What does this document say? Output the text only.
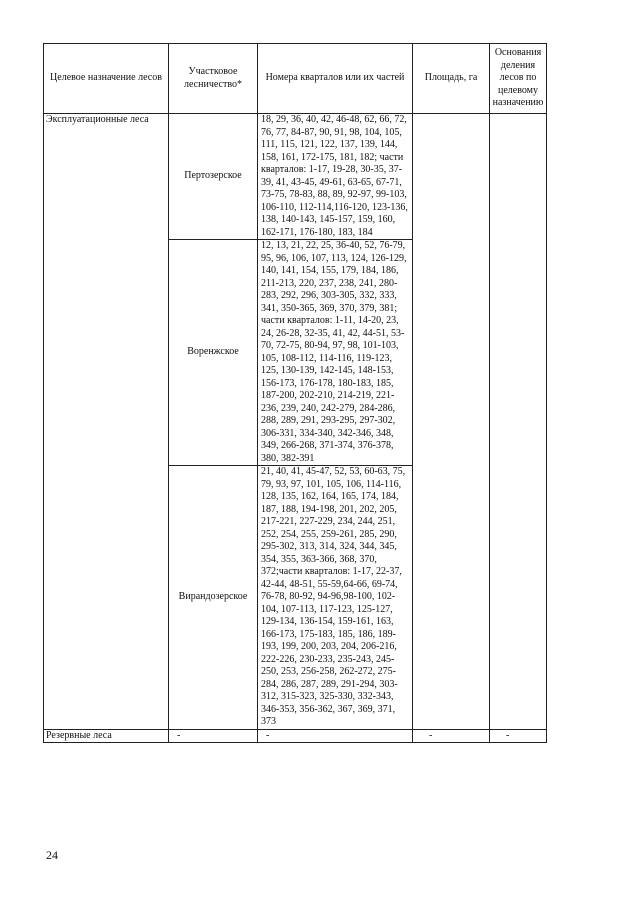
Целевое назначение лесов	Участковое лесничество*	Номера кварталов или их частей	Площадь, га	Основания деления лесов по целевому назначению
Эксплуатационные леса	Пертозерское	18, 29, 36, 40, 42, 46-48, 62, 66, 72, 76, 77, 84-87, 90, 91, 98, 104, 105, 111, 115, 121, 122, 137, 139, 144, 158, 161, 172-175, 181, 182; части кварталов: 1-17, 19-28, 30-35, 37-39, 41, 43-45, 49-61, 63-65, 67-71, 73-75, 78-83, 88, 89, 92-97, 99-103, 106-110, 112-114,116-120, 123-136, 138, 140-143, 145-157, 159, 160, 162-171, 176-180, 183, 184		
	Воренжское	12, 13, 21, 22, 25, 36-40, 52, 76-79, 95, 96, 106, 107, 113, 124, 126-129, 140, 141, 154, 155, 179, 184, 186, 211-213, 220, 237, 238, 241, 280-283, 292, 296, 303-305, 332, 333, 341, 350-365, 369, 370, 379, 381; части кварталов: 1-11, 14-20, 23, 24, 26-28, 32-35, 41, 42, 44-51, 53-70, 72-75, 80-94, 97, 98, 101-103, 105, 108-112, 114-116, 119-123, 125, 130-139, 142-145, 148-153, 156-173, 176-178, 180-183, 185, 187-200, 202-210, 214-219, 221-236, 239, 240, 242-279, 284-286, 288, 289, 291, 293-295, 297-302, 306-331, 334-340, 342-346, 348, 349, 266-268, 371-374, 376-378, 380, 382-391		
	Вирандозерское	21, 40, 41, 45-47, 52, 53, 60-63, 75, 79, 93, 97, 101, 105, 106, 114-116, 128, 135, 162, 164, 165, 174, 184, 187, 188, 194-198, 201, 202, 205, 217-221, 227-229, 234, 244, 251, 252, 254, 255, 259-261, 285, 290, 295-302, 313, 314, 324, 344, 345, 354, 355, 363-366, 368, 370, 372;части кварталов: 1-17, 22-37, 42-44, 48-51, 55-59,64-66, 69-74, 76-78, 80-92, 94-96,98-100, 102-104, 107-113, 117-123, 125-127, 129-134, 136-154, 159-161, 163, 166-173, 175-183, 185, 186, 189-193, 199, 200, 203, 204, 206-216, 222-226, 230-233, 235-243, 245-250, 253, 256-258, 262-272, 275-284, 286, 287, 289, 291-294, 303-312, 315-323, 325-330, 332-343, 346-353, 356-362, 367, 369, 371, 373		
Резервные леса	-	-	-	-
24
